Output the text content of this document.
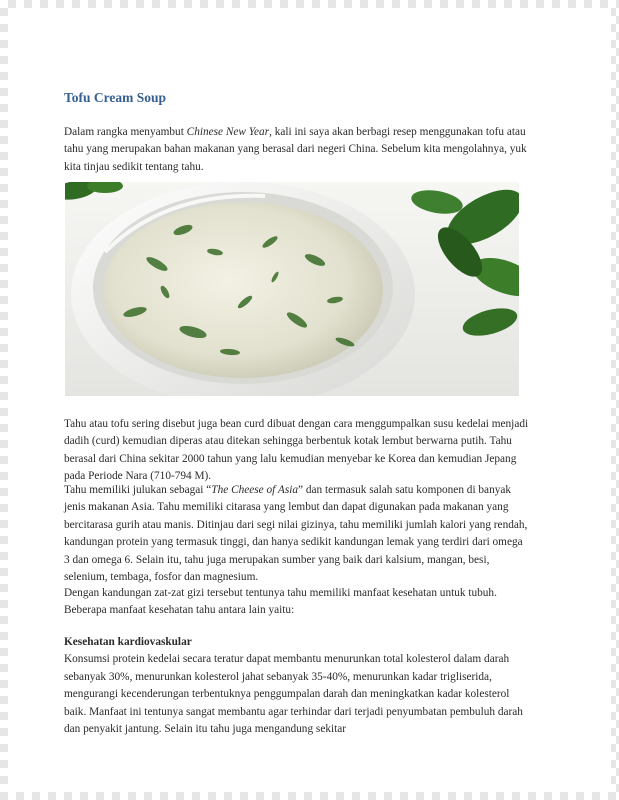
Tofu Cream Soup

Dalam rangka menyambut Chinese New Year, kali ini saya akan berbagi resep menggunakan tofu atau tahu yang merupakan bahan makanan yang berasal dari negeri China. Sebelum kita mengolahnya, yuk kita tinjau sedikit tentang tahu.

Tahu atau tofu sering disebut juga bean curd dibuat dengan cara menggumpalkan susu kedelai menjadi dadih (curd) kemudian diperas atau ditekan sehingga berbentuk kotak lembut berwarna putih. Tahu berasal dari China sekitar 2000 tahun yang lalu kemudian menyebar ke Korea dan kemudian Jepang pada Periode Nara (710-794 M).

Tahu memiliki julukan sebagai “The Cheese of Asia” dan termasuk salah satu komponen di banyak jenis makanan Asia. Tahu memiliki citarasa yang lembut dan dapat digunakan pada makanan yang bercitarasa gurih atau manis. Ditinjau dari segi nilai gizinya, tahu memiliki jumlah kalori yang rendah, kandungan protein yang termasuk tinggi, dan hanya sedikit kandungan lemak yang terdiri dari omega 3 dan omega 6. Selain itu, tahu juga merupakan sumber yang baik dari kalsium, mangan, besi, selenium, tembaga, fosfor dan magnesium.

Dengan kandungan zat-zat gizi tersebut tentunya tahu memiliki manfaat kesehatan untuk tubuh. Beberapa manfaat kesehatan tahu antara lain yaitu:

Kesehatan kardiovaskular
Konsumsi protein kedelai secara teratur dapat membantu menurunkan total kolesterol dalam darah sebanyak 30%, menurunkan kolesterol jahat sebanyak 35-40%, menurunkan kadar trigliserida, mengurangi kecenderungan terbentuknya penggumpalan darah dan meningkatkan kadar kolesterol baik. Manfaat ini tentunya sangat membantu agar terhindar dari terjadi penyumbatan pembuluh darah dan penyakit jantung. Selain itu tahu juga mengandung sekitar
